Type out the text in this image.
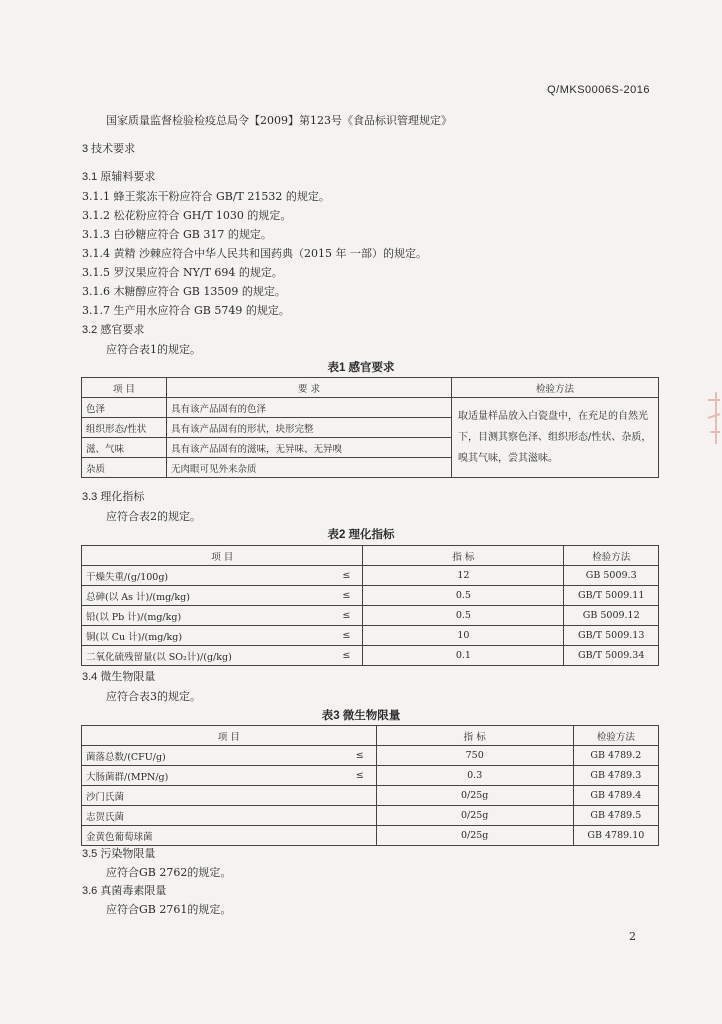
Q/MKS0006S-2016
国家质量监督检验检疫总局令【2009】第123号《食品标识管理规定》
3 技术要求
3.1 原辅料要求
3.1.1 蜂王浆冻干粉应符合 GB/T 21532 的规定。
3.1.2 松花粉应符合 GH/T 1030 的规定。
3.1.3 白砂糖应符合 GB 317 的规定。
3.1.4 黄精 沙棘应符合中华人民共和国药典（2015 年 一部）的规定。
3.1.5 罗汉果应符合 NY/T 694 的规定。
3.1.6 木糖醇应符合 GB 13509 的规定。
3.1.7 生产用水应符合 GB 5749 的规定。
3.2 感官要求
应符合表1的规定。
表1 感官要求
项 目	要 求	检验方法
色泽	具有该产品固有的色泽	取适量样品放入白瓷盘中，在充足的自然光下，目测其察色泽、组织形态/性状、杂质，嗅其气味，尝其滋味。
组织形态/性状	具有该产品固有的形状，块形完整	
滋、气味	具有该产品固有的滋味，无异味、无异嗅	
杂质	无肉眼可见外来杂质	
3.3 理化指标
应符合表2的规定。
表2 理化指标
项 目		指 标	检验方法
干燥失重/(g/100g)	≤	12	GB 5009.3
总砷(以 As 计)/(mg/kg)	≤	0.5	GB/T 5009.11
铅(以 Pb 计)/(mg/kg)	≤	0.5	GB 5009.12
铜(以 Cu 计)/(mg/kg)	≤	10	GB/T 5009.13
二氧化硫残留量(以 SO₂计)/(g/kg)	≤	0.1	GB/T 5009.34
3.4 微生物限量
应符合表3的规定。
表3 微生物限量
项 目		指 标	检验方法
菌落总数/(CFU/g)	≤	750	GB 4789.2
大肠菌群/(MPN/g)	≤	0.3	GB 4789.3
沙门氏菌		0/25g	GB 4789.4
志贺氏菌		0/25g	GB 4789.5
金黄色葡萄球菌		0/25g	GB 4789.10
3.5 污染物限量
应符合GB 2762的规定。
3.6 真菌毒素限量
应符合GB 2761的规定。
2
